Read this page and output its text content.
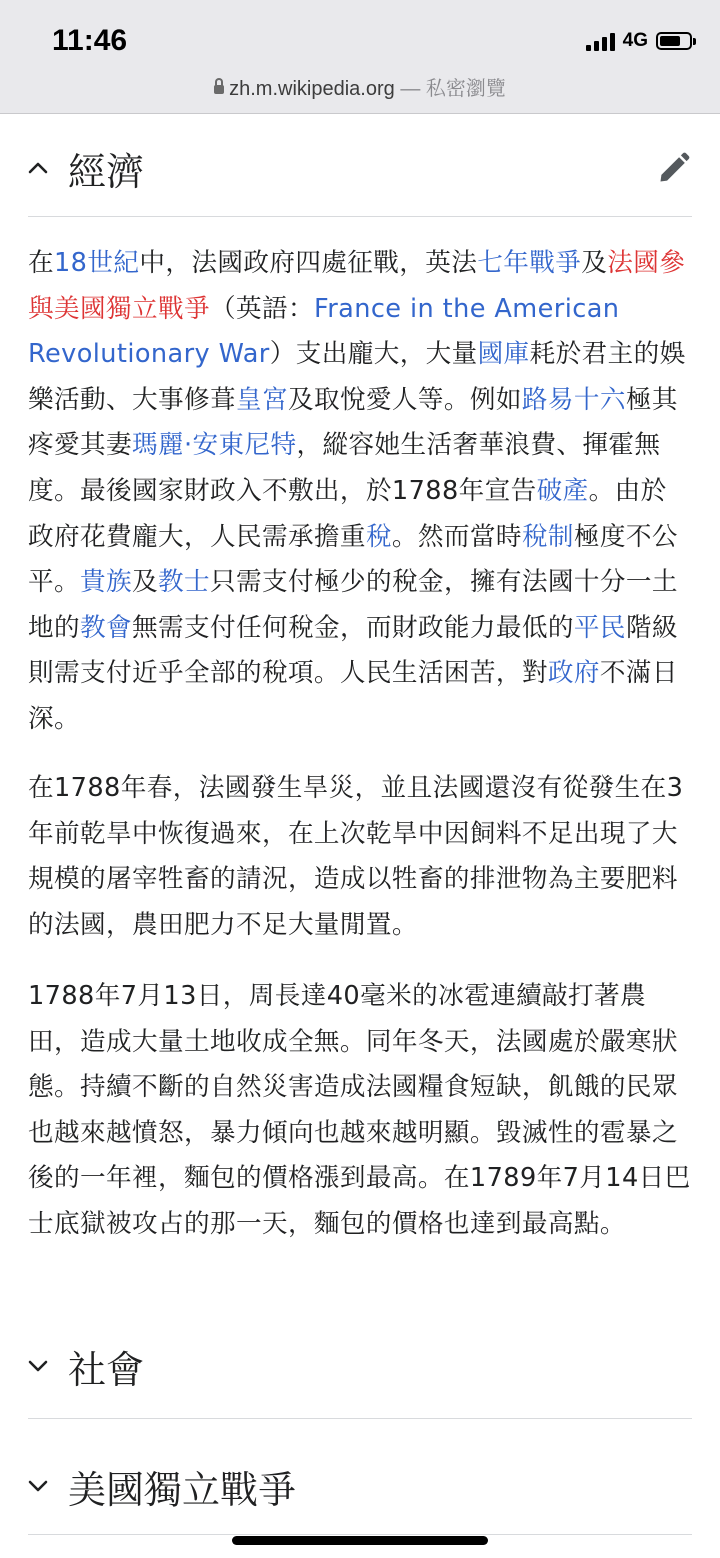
11:46	4G
zh.m.wikipedia.org — 私密瀏覽
經濟

在18世紀中，法國政府四處征戰，英法七年戰爭及法國參與美國獨立戰爭（英語：France in the American Revolutionary War）支出龐大，大量國庫耗於君主的娛樂活動、大事修葺皇宮及取悅愛人等。例如路易十六極其疼愛其妻瑪麗·安東尼特，縱容她生活奢華浪費、揮霍無度。最後國家財政入不敷出，於1788年宣告破產。由於政府花費龐大，人民需承擔重稅。然而當時稅制極度不公平。貴族及教士只需支付極少的稅金，擁有法國十分一土地的教會無需支付任何稅金，而財政能力最低的平民階級則需支付近乎全部的稅項。人民生活困苦，對政府不滿日深。

在1788年春，法國發生旱災，並且法國還沒有從發生在3年前乾旱中恢復過來，在上次乾旱中因飼料不足出現了大規模的屠宰牲畜的請況，造成以牲畜的排泄物為主要肥料的法國，農田肥力不足大量閒置。

1788年7月13日，周長達40毫米的冰雹連續敲打著農田，造成大量土地收成全無。同年冬天，法國處於嚴寒狀態。持續不斷的自然災害造成法國糧食短缺，飢餓的民眾也越來越憤怒，暴力傾向也越來越明顯。毀滅性的雹暴之後的一年裡，麵包的價格漲到最高。在1789年7月14日巴士底獄被攻占的那一天，麵包的價格也達到最高點。

社會
美國獨立戰爭
